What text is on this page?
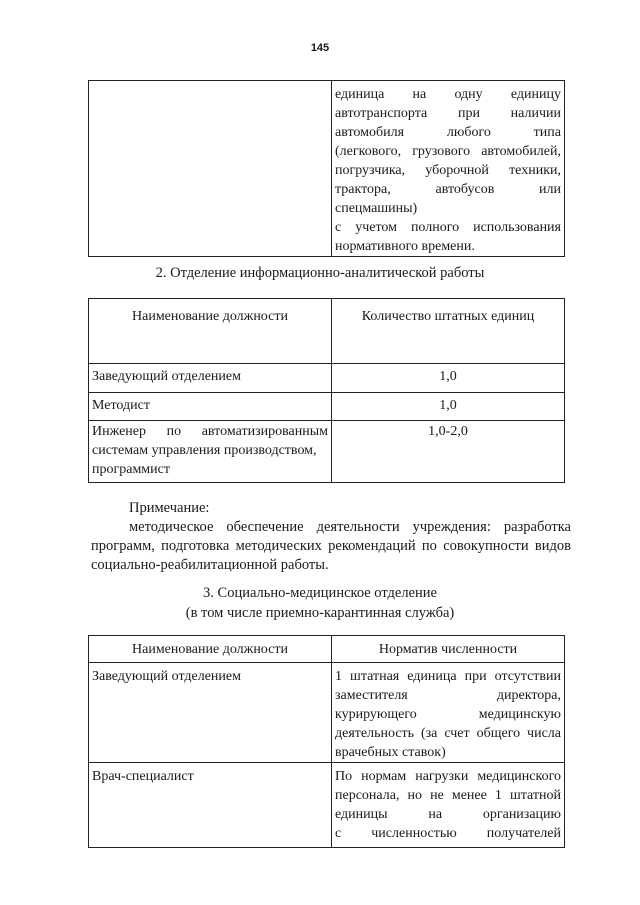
145

единица на одну единицу
автотранспорта при наличии
автомобиля любого типа
(легкового, грузового автомобилей,
погрузчика, уборочной техники,
трактора, автобусов или
спецмашины)
с учетом полного использования
нормативного времени.
2. Отделение информационно-аналитической работы
Наименование должности	Количество штатных единиц

Заведующий отделением	1,0

Методист	1,0

Инженер по автоматизированным
системам управления производством,
программист	1,0-2,0
Примечание:
методическое обеспечение деятельности учреждения: разработка программ, подготовка методических рекомендаций по совокупности видов социально-реабилитационной работы.
3. Социально-медицинское отделение
(в том числе приемно-карантинная служба)
Наименование должности	Норматив численности
Заведующий отделением	1 штатная единица при отсутствии
заместителя директора,
курирующего медицинскую
деятельность (за счет общего числа
врачебных ставок)

Врач-специалист	По нормам нагрузки медицинского
персонала, но не менее 1 штатной
единицы на организацию
с численностью получателей
